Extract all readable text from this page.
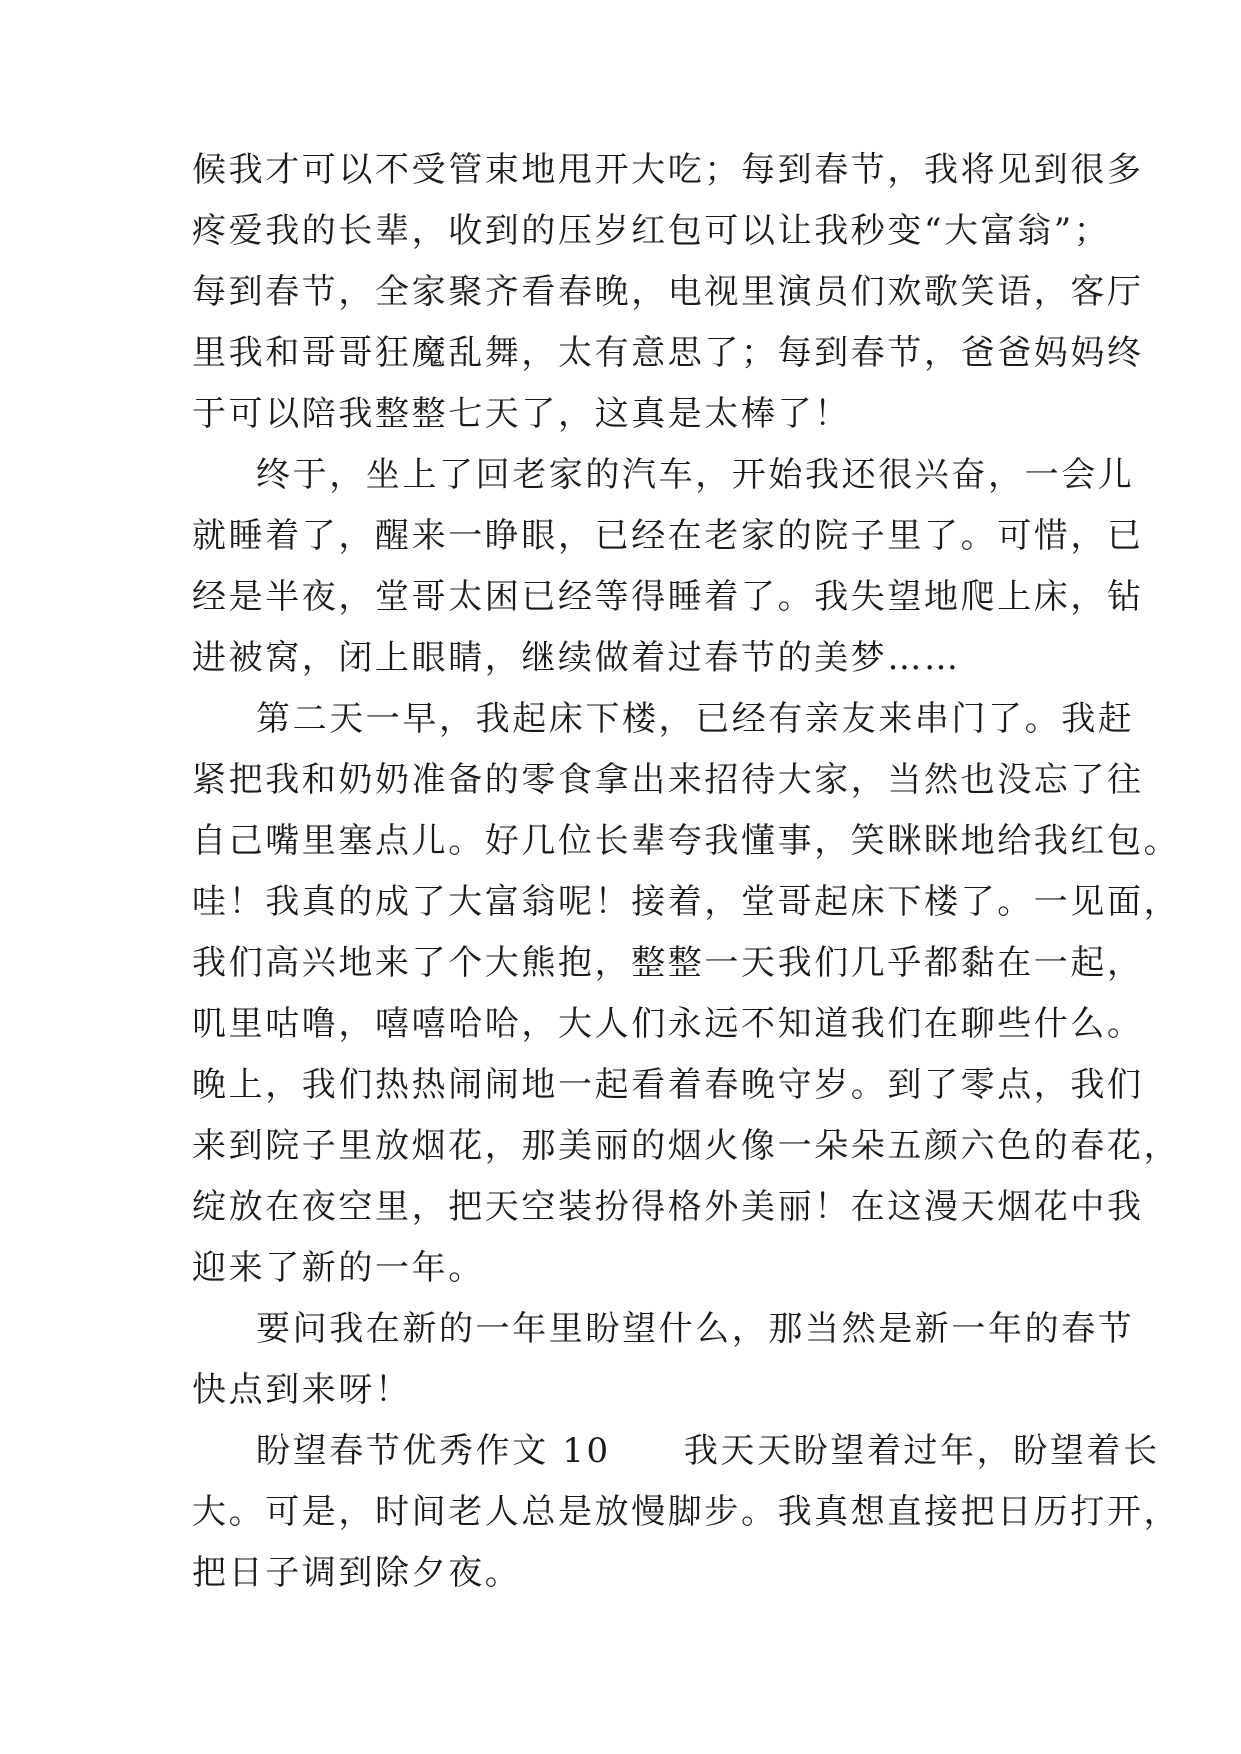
候我才可以不受管束地甩开大吃；每到春节，我将见到很多
疼爱我的长辈，收到的压岁红包可以让我秒变“大富翁”；
每到春节，全家聚齐看春晚，电视里演员们欢歌笑语，客厅
里我和哥哥狂魔乱舞，太有意思了；每到春节，爸爸妈妈终
于可以陪我整整七天了，这真是太棒了！
终于，坐上了回老家的汽车，开始我还很兴奋，一会儿
就睡着了，醒来一睁眼，已经在老家的院子里了。可惜，已
经是半夜，堂哥太困已经等得睡着了。我失望地爬上床，钻
进被窝，闭上眼睛，继续做着过春节的美梦……
第二天一早，我起床下楼，已经有亲友来串门了。我赶
紧把我和奶奶准备的零食拿出来招待大家，当然也没忘了往
自己嘴里塞点儿。好几位长辈夸我懂事，笑眯眯地给我红包。
哇！我真的成了大富翁呢！接着，堂哥起床下楼了。一见面，
我们高兴地来了个大熊抱，整整一天我们几乎都黏在一起，
叽里咕噜，嘻嘻哈哈，大人们永远不知道我们在聊些什么。
晚上，我们热热闹闹地一起看着春晚守岁。到了零点，我们
来到院子里放烟花，那美丽的烟火像一朵朵五颜六色的春花，
绽放在夜空里，把天空装扮得格外美丽！在这漫天烟花中我
迎来了新的一年。
要问我在新的一年里盼望什么，那当然是新一年的春节
快点到来呀！
盼望春节优秀作文 10　　我天天盼望着过年，盼望着长
大。可是，时间老人总是放慢脚步。我真想直接把日历打开，
把日子调到除夕夜。
